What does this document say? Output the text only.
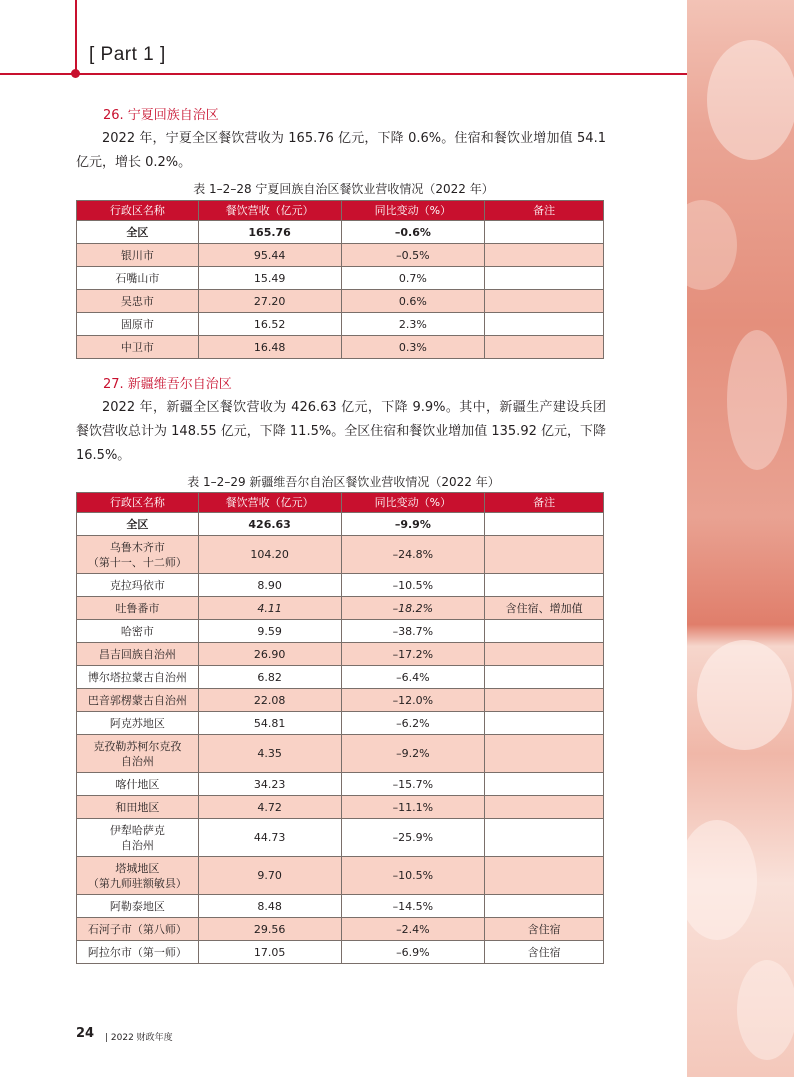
[ Part 1 ]
26. 宁夏回族自治区
2022 年，宁夏全区餐饮营收为 165.76 亿元，下降 0.6%。住宿和餐饮业增加值 54.1 亿元，增长 0.2%。
表 1–2–28 宁夏回族自治区餐饮业营收情况（2022 年）
行政区名称	餐饮营收（亿元）	同比变动（%）	备注
全区	165.76	–0.6%	
银川市	95.44	–0.5%	
石嘴山市	15.49	0.7%	
吴忠市	27.20	0.6%	
固原市	16.52	2.3%	
中卫市	16.48	0.3%	
27. 新疆维吾尔自治区
2022 年，新疆全区餐饮营收为 426.63 亿元，下降 9.9%。其中，新疆生产建设兵团餐饮营收总计为 148.55 亿元，下降 11.5%。全区住宿和餐饮业增加值 135.92 亿元，下降 16.5%。
表 1–2–29 新疆维吾尔自治区餐饮业营收情况（2022 年）
行政区名称	餐饮营收（亿元）	同比变动（%）	备注
全区	426.63	–9.9%	
乌鲁木齐市
（第十一、十二师）	104.20	–24.8%	
克拉玛依市	8.90	–10.5%	
吐鲁番市	4.11	–18.2%	含住宿、增加值
哈密市	9.59	–38.7%	
昌吉回族自治州	26.90	–17.2%	
博尔塔拉蒙古自治州	6.82	–6.4%	
巴音郭楞蒙古自治州	22.08	–12.0%	
阿克苏地区	54.81	–6.2%	
克孜勒苏柯尔克孜
自治州	4.35	–9.2%	
喀什地区	34.23	–15.7%	
和田地区	4.72	–11.1%	
伊犁哈萨克
自治州	44.73	–25.9%	
塔城地区
（第九师驻额敏县）	9.70	–10.5%	
阿勒泰地区	8.48	–14.5%	
石河子市（第八师）	29.56	–2.4%	含住宿
阿拉尔市（第一师）	17.05	–6.9%	含住宿
24 | 2022 财政年度
